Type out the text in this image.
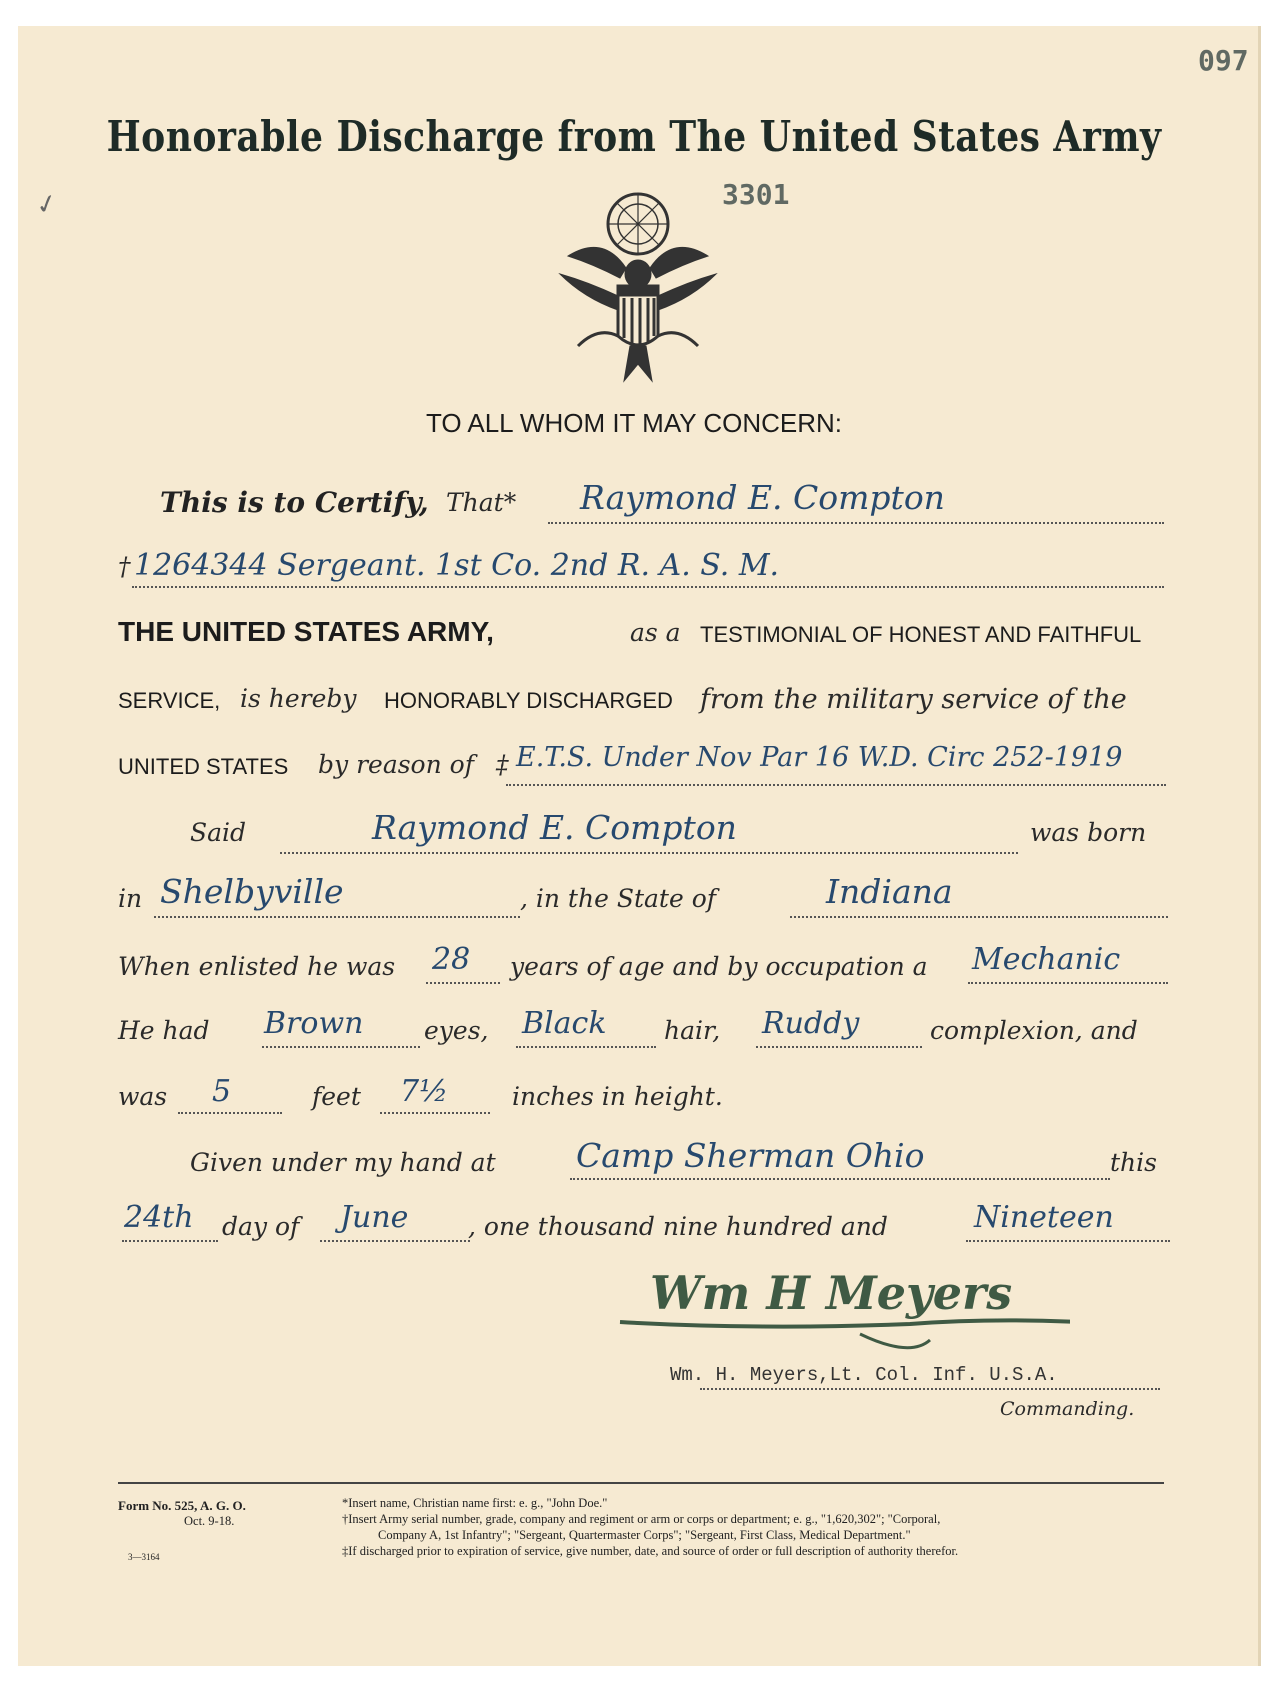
097
3301
✓
Honorable Discharge from The United States Army
TO ALL WHOM IT MAY CONCERN:
This is to Certify, That* Raymond E. Compton
† 1264344 Sergeant. 1st Co. 2nd R. A. S. M.
THE UNITED STATES ARMY,	as a TESTIMONIAL OF HONEST AND FAITHFUL
SERVICE, is hereby HONORABLY DISCHARGED from the military service of the
UNITED STATES by reason of ‡ E.T.S. Under Nov Par 16 W.D. Circ 252-1919
Said	Raymond E. Compton	was born
in Shelbyville	, in the State of	Indiana
When enlisted he was 28 years of age and by occupation a Mechanic
He had Brown eyes, Black hair, Ruddy	complexion, and
was 5	feet 7½	inches in height.
Given under my hand at Camp Sherman Ohio	this
24th day of June , one thousand nine hundred and	Nineteen
Wm H Meyers
Wm. H. Meyers,Lt. Col. Inf. U.S.A.
Commanding.
Form No. 525, A. G. O.
Oct. 9-18.
3—3164
*Insert name, Christian name first: e. g., "John Doe."
†Insert Army serial number, grade, company and regiment or arm or corps or department; e. g., "1,620,302"; "Corporal,
Company A, 1st Infantry"; "Sergeant, Quartermaster Corps"; "Sergeant, First Class, Medical Department."
‡If discharged prior to expiration of service, give number, date, and source of order or full description of authority therefor.
